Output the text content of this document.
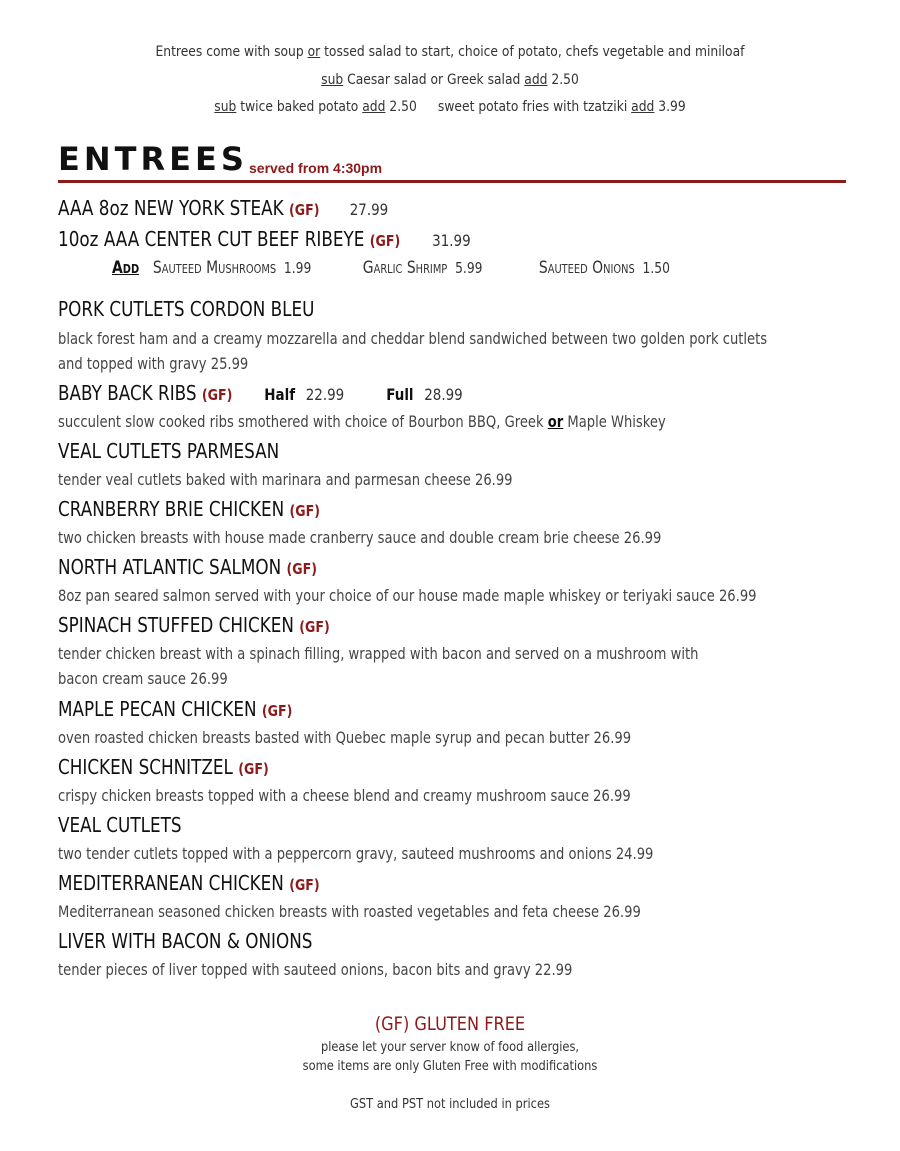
Entrees come with soup or tossed salad to start, choice of potato, chefs vegetable and miniloaf
sub Caesar salad or Greek salad add 2.50
sub twice baked potato add 2.50 sweet potato fries with tzatziki add 3.99
ENTREES served from 4:30pm
AAA 8oz NEW YORK STEAK (GF) 27.99
10oz AAA CENTER CUT BEEF RIBEYE (GF) 31.99
Add Sauteed Mushrooms 1.99	Garlic Shrimp 5.99	Sauteed Onions 1.50
PORK CUTLETS CORDON BLEU
black forest ham and a creamy mozzarella and cheddar blend sandwiched between two golden pork cutlets
and topped with gravy 25.99
BABY BACK RIBS (GF) Half 22.99	Full 28.99
succulent slow cooked ribs smothered with choice of Bourbon BBQ, Greek or Maple Whiskey
VEAL CUTLETS PARMESAN
tender veal cutlets baked with marinara and parmesan cheese 26.99
CRANBERRY BRIE CHICKEN (GF)
two chicken breasts with house made cranberry sauce and double cream brie cheese 26.99
NORTH ATLANTIC SALMON (GF)
8oz pan seared salmon served with your choice of our house made maple whiskey or teriyaki sauce 26.99
SPINACH STUFFED CHICKEN (GF)
tender chicken breast with a spinach filling, wrapped with bacon and served on a mushroom with
bacon cream sauce 26.99
MAPLE PECAN CHICKEN (GF)
oven roasted chicken breasts basted with Quebec maple syrup and pecan butter 26.99
CHICKEN SCHNITZEL (GF)
crispy chicken breasts topped with a cheese blend and creamy mushroom sauce 26.99
VEAL CUTLETS
two tender cutlets topped with a peppercorn gravy, sauteed mushrooms and onions 24.99
MEDITERRANEAN CHICKEN (GF)
Mediterranean seasoned chicken breasts with roasted vegetables and feta cheese 26.99
LIVER WITH BACON & ONIONS
tender pieces of liver topped with sauteed onions, bacon bits and gravy 22.99
(GF) GLUTEN FREE
please let your server know of food allergies,
some items are only Gluten Free with modifications
GST and PST not included in prices
